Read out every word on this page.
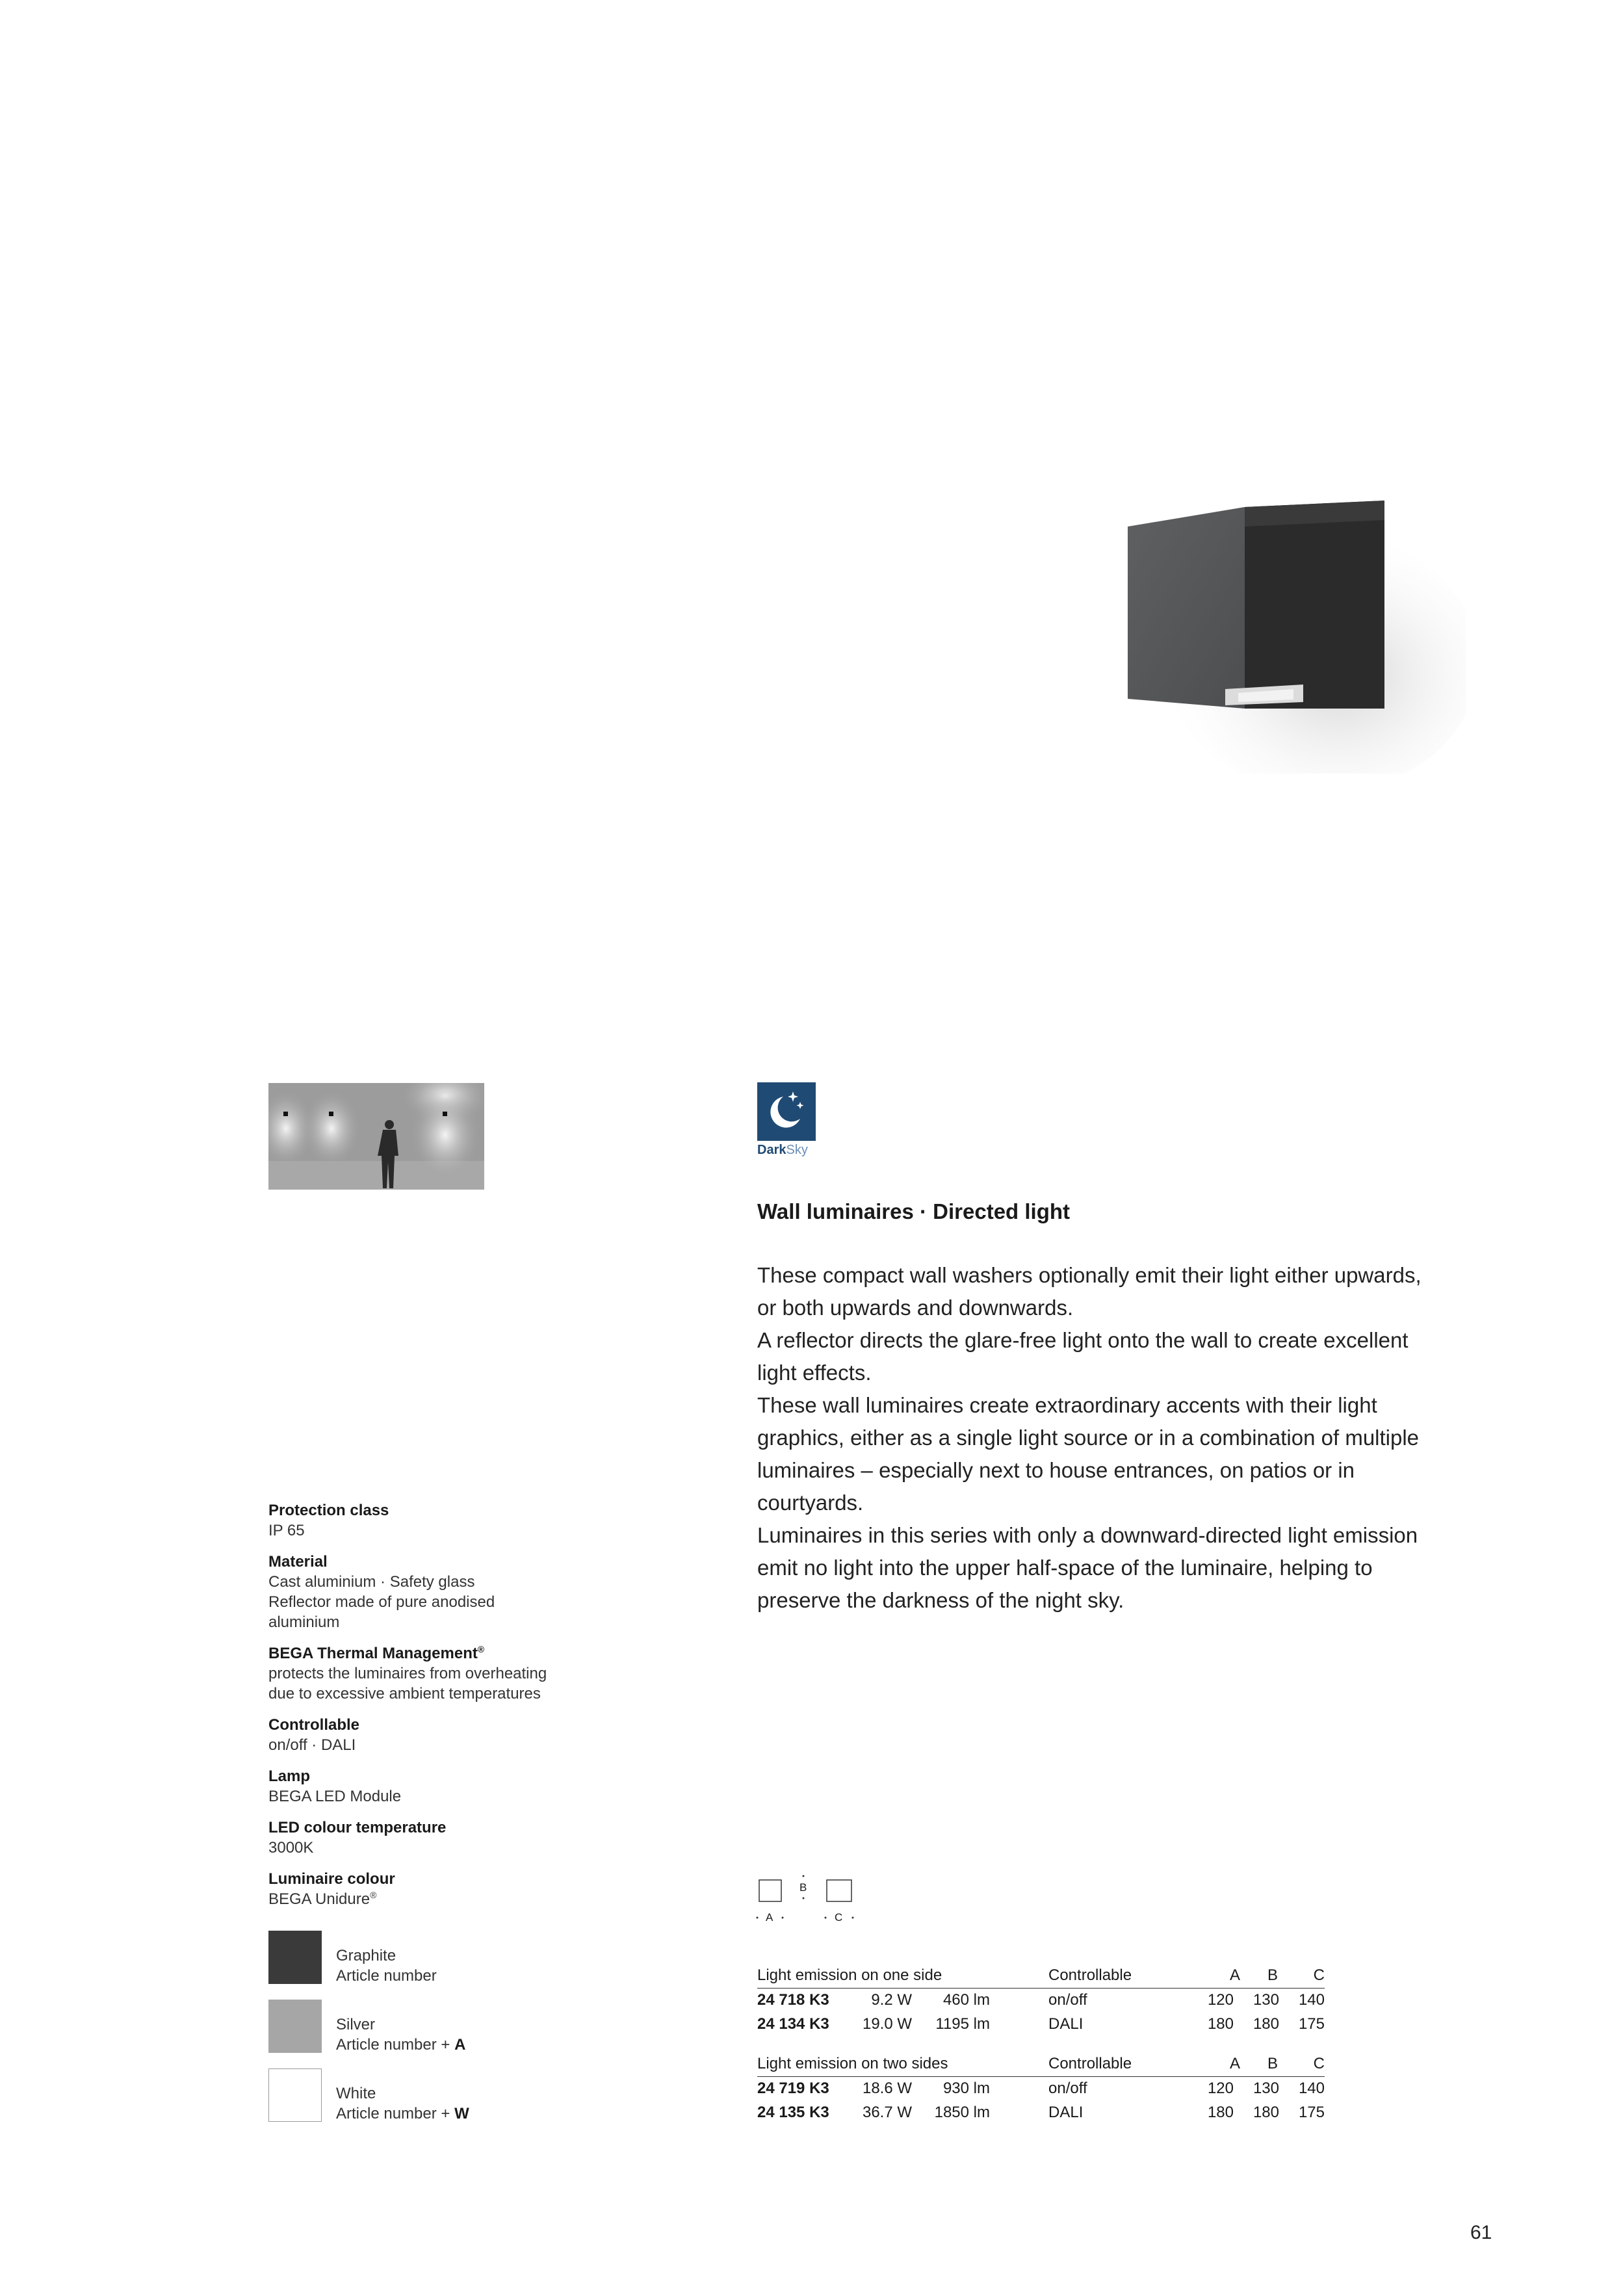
DarkSky
Wall luminaires · Directed light

These compact wall washers optionally emit their light either upwards, or both upwards and downwards.

A reflector directs the glare-free light onto the wall to create excellent light effects.

These wall luminaires create extraordinary accents with their light graphics, either as a single light source or in a combination of multiple luminaires – especially next to house entrances, on patios or in courtyards.

Luminaires in this series with only a downward-directed light emission emit no light into the upper half-space of the luminaire, helping to preserve the darkness of the night sky.

Protection class
IP 65
Material
Cast aluminium · Safety glass
Reflector made of pure anodised
aluminium
BEGA Thermal Management®
protects the luminaires from overheating
due to excessive ambient temperatures
Controllable
on/off · DALI
Lamp
BEGA LED Module
LED colour temperature
3000K
Luminaire colour
BEGA Unidure®
Graphite
Article number
Silver
Article number + A
White
Article number + W
B
A	C
Light emission on one side	Controllable	A B C
24 718 K3	9.2 W 460 lm	on/off	120 130 140
24 134 K3 19.0 W 1195 lm	DALI	180 180 175
Light emission on two sides	Controllable	A B C
24 719 K3 18.6 W 930 lm	on/off	120 130 140
24 135 K3 36.7 W 1850 lm	DALI	180 180 175
61
